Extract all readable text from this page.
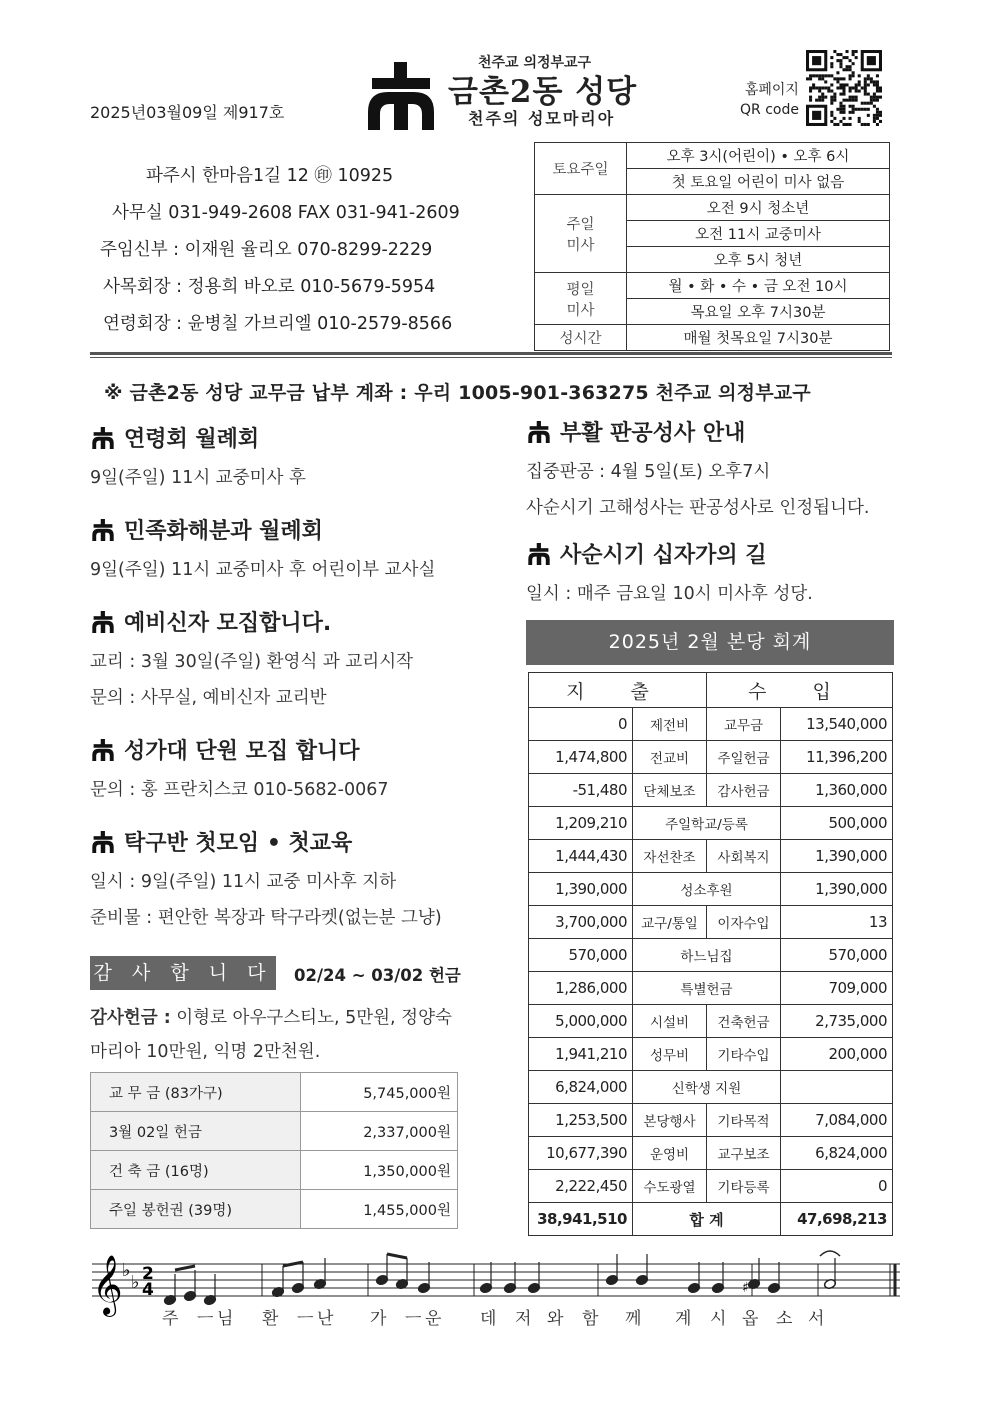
2025년03월09일 제917호
천주교 의정부교구
금촌2동 성당
천주의 성모마리아
홈페이지
QR code
파주시 한마음1길 12 ㊞ 10925
사무실 031-949-2608 FAX 031-941-2609
주임신부 : 이재원 율리오 070-8299-2229
사목회장 : 정용희 바오로 010-5679-5954
연령회장 : 윤병칠 가브리엘 010-2579-8566
토요주일	오후 3시(어린이) • 오후 6시
	첫 토요일 어린이 미사 없음

주일
미사	오전 9시 청소년
	오전 11시 교중미사
	오후 5시 청년

평일
미사	월 • 화 • 수 • 금 오전 10시
	목요일 오후 7시30분
성시간	매월 첫목요일 7시30분
※ 금촌2동 성당 교무금 납부 계좌 : 우리 1005-901-363275 천주교 의정부교구
연령회 월례회
9일(주일) 11시 교중미사 후
민족화해분과 월례회
9일(주일) 11시 교중미사 후 어린이부 교사실
예비신자 모집합니다.
교리 : 3월 30일(주일) 환영식 과 교리시작
문의 : 사무실, 예비신자 교리반
성가대 단원 모집 합니다
문의 : 홍 프란치스코 010-5682-0067
탁구반 첫모임 • 첫교육
일시 : 9일(주일) 11시 교중 미사후 지하
준비물 : 편안한 복장과 탁구라켓(없는분 그냥)
부활 판공성사 안내
집중판공 : 4월 5일(토) 오후7시
사순시기 고해성사는 판공성사로 인정됩니다.
사순시기 십자가의 길
일시 : 매주 금요일 10시 미사후 성당.
감 사 합 니 다 02/24 ~ 03/02 헌금
감사헌금 : 이형로 아우구스티노, 5만원, 정양숙
마리아 10만원, 익명 2만천원.
교 무 금 (83가구)	5,745,000원
3월 02일 헌금	2,337,000원
건 축 금 (16명)	1,350,000원
주일 봉헌권 (39명)	1,455,000원
2025년 2월 본당 회계
지 출		수 입	
0	제전비	교무금	13,540,000
1,474,800	전교비	주일헌금	11,396,200
-51,480	단체보조	감사헌금	1,360,000
1,209,210	주일학교/등록		500,000
1,444,430	자선찬조	사회복지	1,390,000
1,390,000	성소후원		1,390,000
3,700,000	교구/통일	이자수입	13
570,000	하느님집		570,000
1,286,000	특별헌금		709,000
5,000,000	시설비	건축헌금	2,735,000
1,941,210	성무비	기타수입	200,000
6,824,000	신학생 지원		
1,253,500	본당행사	기타목적	7,084,000
10,677,390	운영비	교구보조	6,824,000
2,222,450	수도광열	기타등록	0
38,941,510	합 계		47,698,213
𝄞 ♭
♭ 2
4	♯
주 ㅡ 님 환 ㅡ 난 가 ㅡ 운 데 저 와 함 께 계 시 옵 소 서
